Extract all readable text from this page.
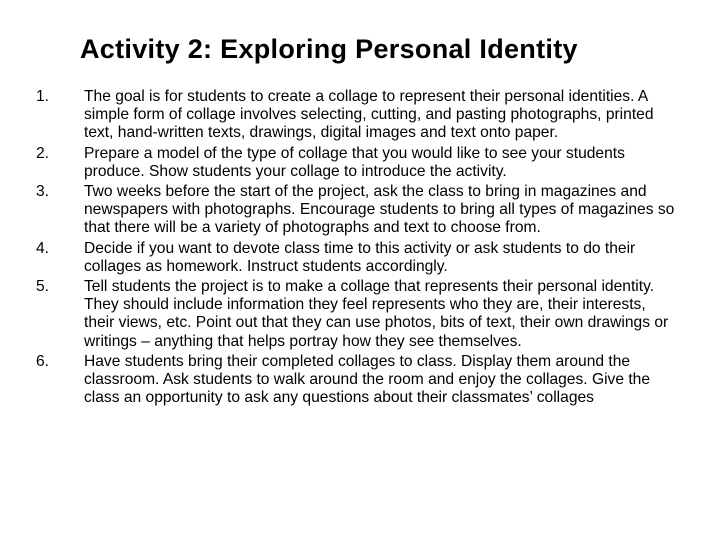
Activity 2: Exploring Personal Identity
1.	The goal is for students to create a collage to represent their personal identities. A simple form of collage involves selecting, cutting, and pasting photographs, printed text, hand-written texts, drawings, digital images and text onto paper.
2.	Prepare a model of the type of collage that you would like to see your students produce. Show students your collage to introduce the activity.
3.	Two weeks before the start of the project, ask the class to bring in magazines and newspapers with photographs. Encourage students to bring all types of magazines so that there will be a variety of photographs and text to choose from.
4.	Decide if you want to devote class time to this activity or ask students to do their collages as homework. Instruct students accordingly.
5.	Tell students the project is to make a collage that represents their personal identity. They should include information they feel represents who they are, their interests, their views, etc. Point out that they can use photos, bits of text, their own drawings or writings – anything that helps portray how they see themselves.
6.	Have students bring their completed collages to class. Display them around the classroom. Ask students to walk around the room and enjoy the collages. Give the class an opportunity to ask any questions about their classmates’ collages
